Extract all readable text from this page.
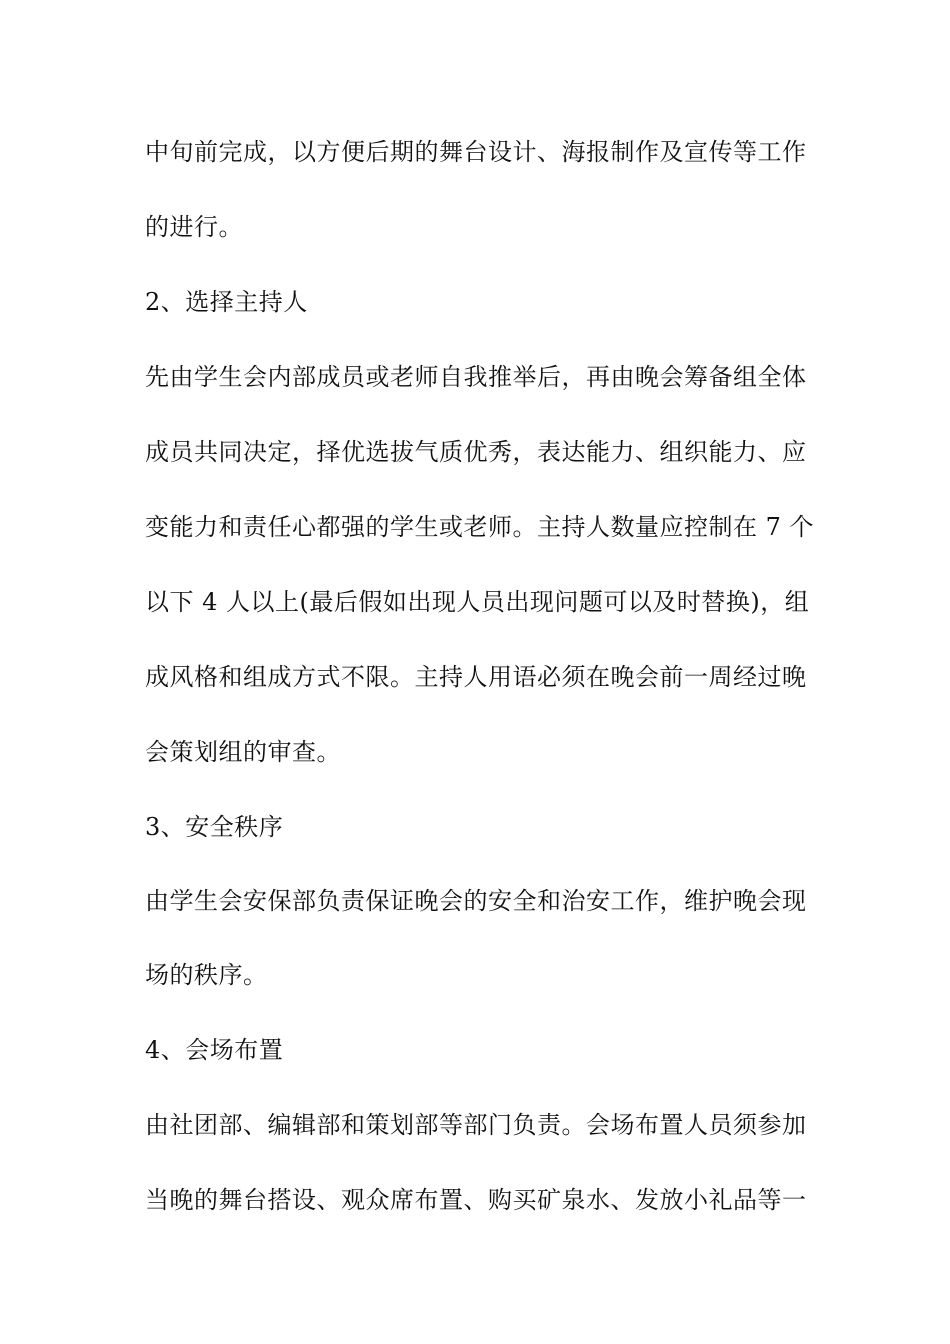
中旬前完成，以方便后期的舞台设计、海报制作及宣传等工作
的进行。
2、选择主持人
先由学生会内部成员或老师自我推举后，再由晚会筹备组全体
成员共同决定，择优选拔气质优秀，表达能力、组织能力、应
变能力和责任心都强的学生或老师。主持人数量应控制在 7 个
以下 4 人以上(最后假如出现人员出现问题可以及时替换)，组
成风格和组成方式不限。主持人用语必须在晚会前一周经过晚
会策划组的审查。
3、安全秩序
由学生会安保部负责保证晚会的安全和治安工作，维护晚会现
场的秩序。
4、会场布置
由社团部、编辑部和策划部等部门负责。会场布置人员须参加
当晚的舞台搭设、观众席布置、购买矿泉水、发放小礼品等一
